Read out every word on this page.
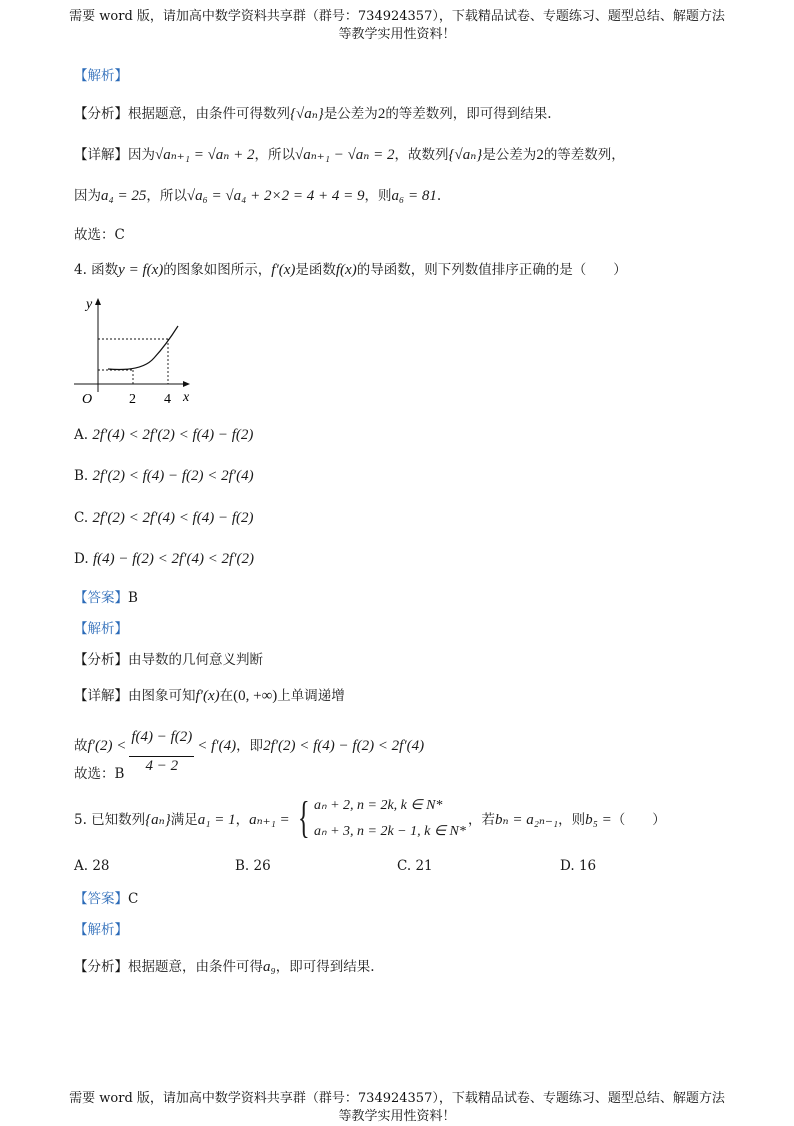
需要 word 版，请加高中数学资料共享群（群号：734924357），下载精品试卷、专题练习、题型总结、解题方法
等教学实用性资料！
【解析】
【分析】根据题意，由条件可得数列{√aₙ}是公差为2的等差数列，即可得到结果.
【详解】因为√aₙ₊₁ = √aₙ + 2，所以√aₙ₊₁ − √aₙ = 2，故数列{√aₙ}是公差为2的等差数列，
因为a₄ = 25，所以√a₆ = √a₄ + 2×2 = 4 + 4 = 9，则a₆ = 81.
故选：C
4. 函数y = f(x)的图象如图所示，f′(x)是函数f(x)的导函数，则下列数值排序正确的是（　　）
y
x
O	2 4
A. 2f′(4) < 2f′(2) < f(4) − f(2)
B. 2f′(2) < f(4) − f(2) < 2f′(4)
C. 2f′(2) < 2f′(4) < f(4) − f(2)
D. f(4) − f(2) < 2f′(4) < 2f′(2)
【答案】B
【解析】
【分析】由导数的几何意义判断
【详解】由图象可知f′(x)在(0, +∞)上单调递增
故$f'(2) < \frac{f(4) - f(2)}{4 - 2} < f'(4)$，即2f′(2) < f(4) − f(2) < 2f′(4)
故选：B
5. 已知数列{aₙ}满足a₁ = 1，aₙ₊₁ = { aₙ + 2, n = 2k, k ∈ N*
aₙ + 3, n = 2k − 1, k ∈ N*
，若bₙ = a₂ₙ₋₁，则b₅ =（　　）
A. 28	B. 26	C. 21	D. 16
【答案】C
【解析】
【分析】根据题意，由条件可得a₉，即可得到结果.
需要 word 版，请加高中数学资料共享群（群号：734924357），下载精品试卷、专题练习、题型总结、解题方法
等教学实用性资料！
